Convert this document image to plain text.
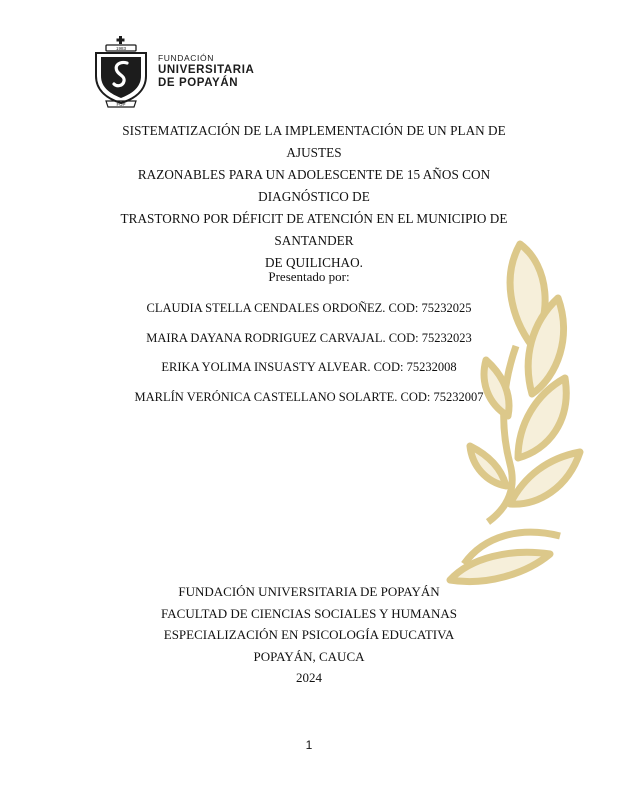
1983
FUP
FUNDACIÓN
UNIVERSITARIA
DE POPAYÁN
SISTEMATIZACIÓN DE LA IMPLEMENTACIÓN DE UN PLAN DE AJUSTES
RAZONABLES PARA UN ADOLESCENTE DE 15 AÑOS CON DIAGNÓSTICO DE
TRASTORNO POR DÉFICIT DE ATENCIÓN EN EL MUNICIPIO DE SANTANDER
DE QUILICHAO.
Presentado por:
CLAUDIA STELLA CENDALES ORDOÑEZ. COD: 75232025
MAIRA DAYANA RODRIGUEZ CARVAJAL. COD: 75232023
ERIKA YOLIMA INSUASTY ALVEAR. COD: 75232008
MARLÍN VERÓNICA CASTELLANO SOLARTE. COD: 75232007
FUNDACIÓN UNIVERSITARIA DE POPAYÁN
FACULTAD DE CIENCIAS SOCIALES Y HUMANAS
ESPECIALIZACIÓN EN PSICOLOGÍA EDUCATIVA
POPAYÁN, CAUCA
2024
1
